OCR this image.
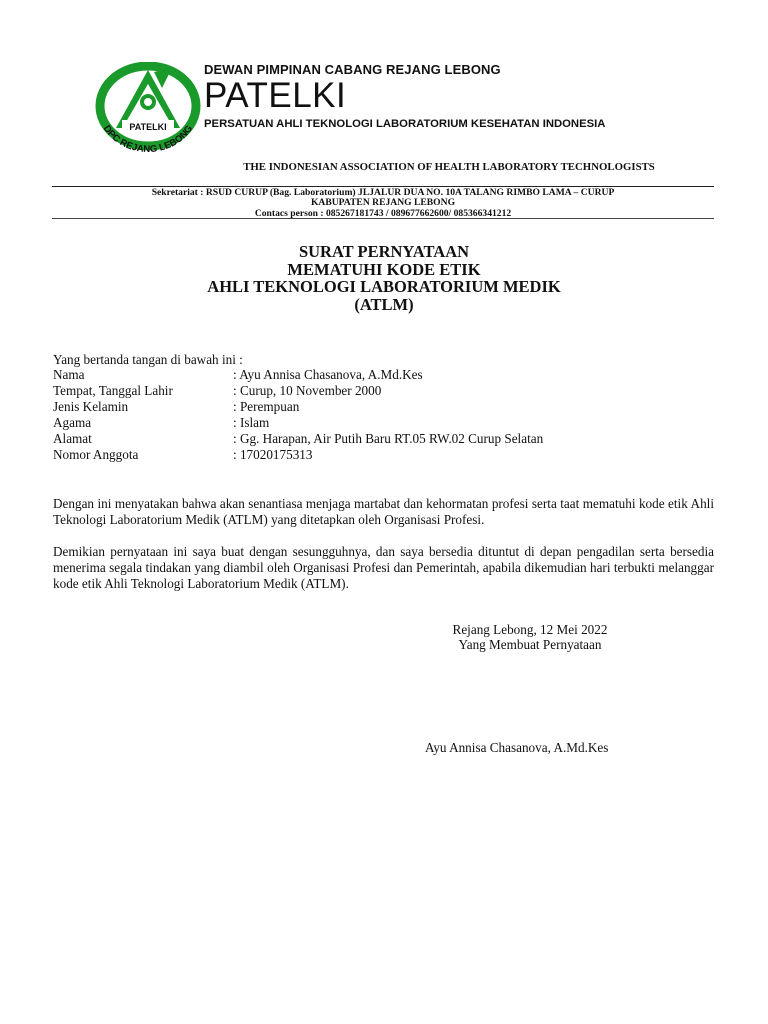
PATELKI
DPC REJANG LEBONG
DEWAN PIMPINAN CABANG REJANG LEBONG
PATELKI
PERSATUAN AHLI TEKNOLOGI LABORATORIUM KESEHATAN INDONESIA
THE INDONESIAN ASSOCIATION OF HEALTH LABORATORY TECHNOLOGISTS
Sekretariat : RSUD CURUP (Bag. Laboratorium) JLJALUR DUA NO. 10A TALANG RIMBO LAMA – CURUP
KABUPATEN REJANG LEBONG
Contacs person : 085267181743 / 089677662600/ 085366341212
SURAT PERNYATAAN
MEMATUHI KODE ETIK
AHLI TEKNOLOGI LABORATORIUM MEDIK
(ATLM)
Yang bertanda tangan di bawah ini :
Nama	: Ayu Annisa Chasanova, A.Md.Kes
Tempat, Tanggal Lahir	: Curup, 10 November 2000
Jenis Kelamin	: Perempuan
Agama	: Islam
Alamat	: Gg. Harapan, Air Putih Baru RT.05 RW.02 Curup Selatan
Nomor Anggota	: 17020175313
Dengan ini menyatakan bahwa akan senantiasa menjaga martabat dan kehormatan profesi serta taat mematuhi kode etik Ahli Teknologi Laboratorium Medik (ATLM) yang ditetapkan oleh Organisasi Profesi.
Demikian pernyataan ini saya buat dengan sesungguhnya, dan saya bersedia dituntut di depan pengadilan serta bersedia menerima segala tindakan yang diambil oleh Organisasi Profesi dan Pemerintah, apabila dikemudian hari terbukti melanggar kode etik Ahli Teknologi Laboratorium Medik (ATLM).
Rejang Lebong, 12 Mei 2022
Yang Membuat Pernyataan
Ayu Annisa Chasanova, A.Md.Kes
